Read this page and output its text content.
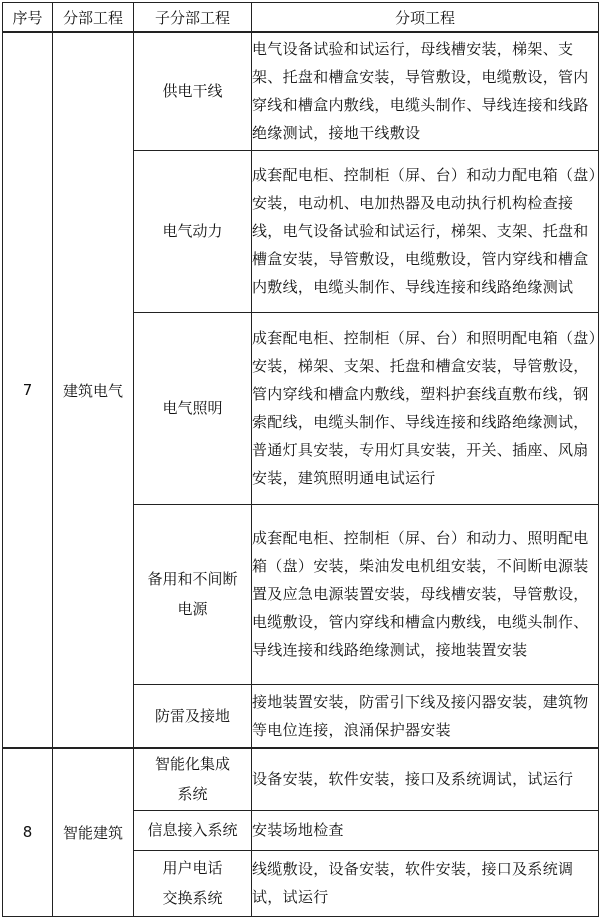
序号	分部工程	子分部工程	分项工程
7	建筑电气	供电干线	电气设备试验和试运行，母线槽安装，梯架、支架、托盘和槽盒安装，导管敷设，电缆敷设，管内穿线和槽盒内敷线，电缆头制作、导线连接和线路绝缘测试，接地干线敷设

		电气动力	成套配电柜、控制柜（屏、台）和动力配电箱（盘）安装，电动机、电加热器及电动执行机构检查接线，电气设备试验和试运行，梯架、支架、托盘和槽盒安装，导管敷设，电缆敷设，管内穿线和槽盒内敷线，电缆头制作、导线连接和线路绝缘测试

		电气照明	成套配电柜、控制柜（屏、台）和照明配电箱（盘）安装，梯架、支架、托盘和槽盒安装，导管敷设，管内穿线和槽盒内敷线，塑料护套线直敷布线，钢索配线，电缆头制作、导线连接和线路绝缘测试，普通灯具安装，专用灯具安装，开关、插座、风扇安装，建筑照明通电试运行

		备用和不间断电源	成套配电柜、控制柜（屏、台）和动力、照明配电箱（盘）安装，柴油发电机组安装，不间断电源装置及应急电源装置安装，母线槽安装，导管敷设，电缆敷设，管内穿线和槽盒内敷线，电缆头制作、导线连接和线路绝缘测试，接地装置安装

		防雷及接地	接地装置安装，防雷引下线及接闪器安装，建筑物等电位连接，浪涌保护器安装

8	智能建筑	智能化集成系统	设备安装，软件安装，接口及系统调试，试运行

		信息接入系统	安装场地检查

		用户电话交换系统	线缆敷设，设备安装，软件安装，接口及系统调试，试运行
